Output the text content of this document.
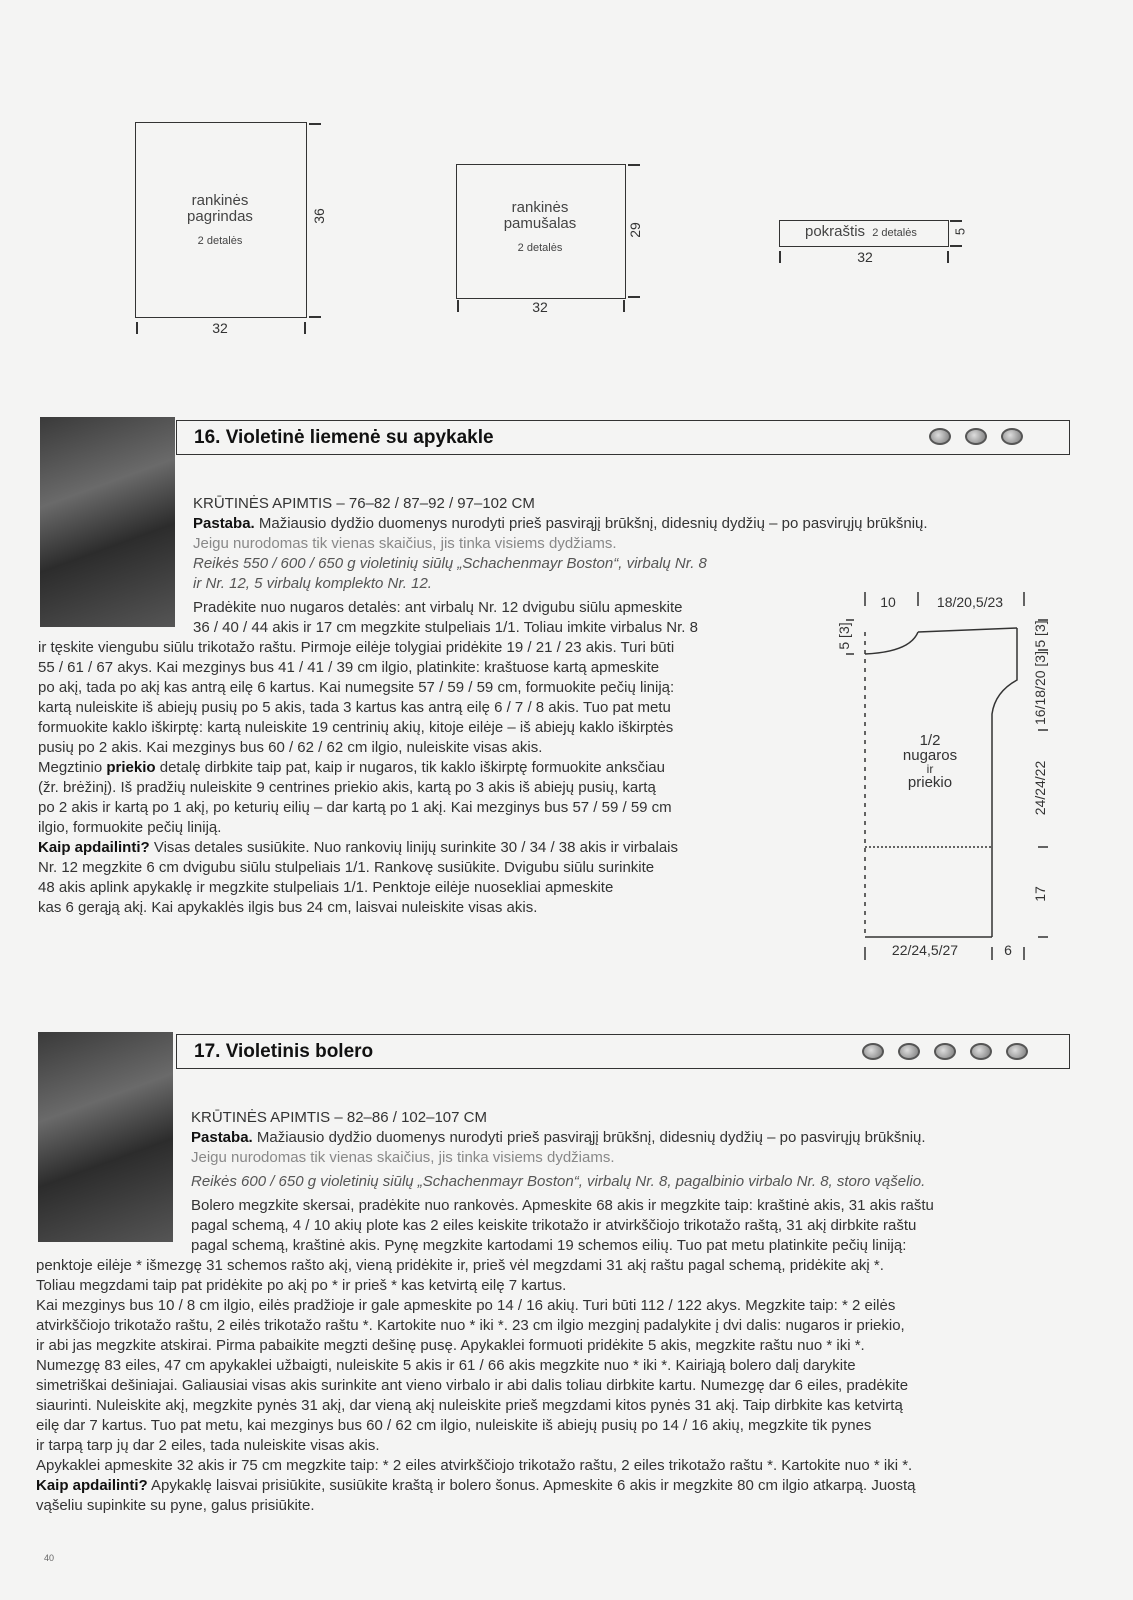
rankinės
pagrindas
2 detalės
36
32
rankinės
pamušalas
2 detalės
29
32
pokraštis 2 detalės	5
32
16. Violetinė liemenė su apykakle

KRŪTINĖS APIMTIS – 76–82 / 87–92 / 97–102 CM

Pastaba. Mažiausio dydžio duomenys nurodyti prieš pasvirąjį brūkšnį, didesnių dydžių – po pasvirųjų brūkšnių.

Jeigu nurodomas tik vienas skaičius, jis tinka visiems dydžiams.

Reikės 550 / 600 / 650 g violetinių siūlų „Schachenmayr Boston“, virbalų Nr. 8

ir Nr. 12, 5 virbalų komplekto Nr. 12.

Pradėkite nuo nugaros detalės: ant virbalų Nr. 12 dvigubu siūlu apmeskite

36 / 40 / 44 akis ir 17 cm megzkite stulpeliais 1/1. Toliau imkite virbalus Nr. 8

ir tęskite viengubu siūlu trikotažo raštu. Pirmoje eilėje tolygiai pridėkite 19 / 21 / 23 akis. Turi būti

55 / 61 / 67 akys. Kai mezginys bus 41 / 41 / 39 cm ilgio, platinkite: kraštuose kartą apmeskite

po akį, tada po akį kas antrą eilę 6 kartus. Kai numegsite 57 / 59 / 59 cm, formuokite pečių liniją:

kartą nuleiskite iš abiejų pusių po 5 akis, tada 3 kartus kas antrą eilę 6 / 7 / 8 akis. Tuo pat metu

formuokite kaklo iškirptę: kartą nuleiskite 19 centrinių akių, kitoje eilėje – iš abiejų kaklo iškirptės

pusių po 2 akis. Kai mezginys bus 60 / 62 / 62 cm ilgio, nuleiskite visas akis.

Megztinio priekio detalę dirbkite taip pat, kaip ir nugaros, tik kaklo iškirptę formuokite anksčiau

(žr. brėžinį). Iš pradžių nuleiskite 9 centrines priekio akis, kartą po 3 akis iš abiejų pusių, kartą

po 2 akis ir kartą po 1 akį, po keturių eilių – dar kartą po 1 akį. Kai mezginys bus 57 / 59 / 59 cm

ilgio, formuokite pečių liniją.

Kaip apdailinti? Visas detales susiūkite. Nuo rankovių linijų surinkite 30 / 34 / 38 akis ir virbalais

Nr. 12 megzkite 6 cm dvigubu siūlu stulpeliais 1/1. Rankovę susiūkite. Dvigubu siūlu surinkite

48 akis aplink apykaklę ir megzkite stulpeliais 1/1. Penktoje eilėje nuosekliai apmeskite

kas 6 gerąją akį. Kai apykaklės ilgis bus 24 cm, laisvai nuleiskite visas akis.

10	18/20,5/23
5 [3]	5 [3]
16/18/20 [3]
24/24/22
17
1/2
nugaros
ir
priekio
22/24,5/27	6
17. Violetinis bolero

KRŪTINĖS APIMTIS – 82–86 / 102–107 CM

Pastaba. Mažiausio dydžio duomenys nurodyti prieš pasvirąjį brūkšnį, didesnių dydžių – po pasvirųjų brūkšnių.

Jeigu nurodomas tik vienas skaičius, jis tinka visiems dydžiams.

Reikės 600 / 650 g violetinių siūlų „Schachenmayr Boston“, virbalų Nr. 8, pagalbinio virbalo Nr. 8, storo vąšelio.

Bolero megzkite skersai, pradėkite nuo rankovės. Apmeskite 68 akis ir megzkite taip: kraštinė akis, 31 akis raštu

pagal schemą, 4 / 10 akių plote kas 2 eiles keiskite trikotažo ir atvirkščiojo trikotažo raštą, 31 akį dirbkite raštu

pagal schemą, kraštinė akis. Pynę megzkite kartodami 19 schemos eilių. Tuo pat metu platinkite pečių liniją:

penktoje eilėje * išmezgę 31 schemos rašto akį, vieną pridėkite ir, prieš vėl megzdami 31 akį raštu pagal schemą, pridėkite akį *.

Toliau megzdami taip pat pridėkite po akį po * ir prieš * kas ketvirtą eilę 7 kartus.

Kai mezginys bus 10 / 8 cm ilgio, eilės pradžioje ir gale apmeskite po 14 / 16 akių. Turi būti 112 / 122 akys. Megzkite taip: * 2 eilės

atvirkščiojo trikotažo raštu, 2 eilės trikotažo raštu *. Kartokite nuo * iki *. 23 cm ilgio mezginį padalykite į dvi dalis: nugaros ir priekio,

ir abi jas megzkite atskirai. Pirma pabaikite megzti dešinę pusę. Apykaklei formuoti pridėkite 5 akis, megzkite raštu nuo * iki *.

Numezgę 83 eiles, 47 cm apykaklei užbaigti, nuleiskite 5 akis ir 61 / 66 akis megzkite nuo * iki *. Kairiąją bolero dalį darykite

simetriškai dešiniajai. Galiausiai visas akis surinkite ant vieno virbalo ir abi dalis toliau dirbkite kartu. Numezgę dar 6 eiles, pradėkite

siaurinti. Nuleiskite akį, megzkite pynės 31 akį, dar vieną akį nuleiskite prieš megzdami kitos pynės 31 akį. Taip dirbkite kas ketvirtą

eilę dar 7 kartus. Tuo pat metu, kai mezginys bus 60 / 62 cm ilgio, nuleiskite iš abiejų pusių po 14 / 16 akių, megzkite tik pynes

ir tarpą tarp jų dar 2 eiles, tada nuleiskite visas akis.

Apykaklei apmeskite 32 akis ir 75 cm megzkite taip: * 2 eiles atvirkščiojo trikotažo raštu, 2 eiles trikotažo raštu *. Kartokite nuo * iki *.

Kaip apdailinti? Apykaklę laisvai prisiūkite, susiūkite kraštą ir bolero šonus. Apmeskite 6 akis ir megzkite 80 cm ilgio atkarpą. Juostą

vąšeliu supinkite su pyne, galus prisiūkite.

40
